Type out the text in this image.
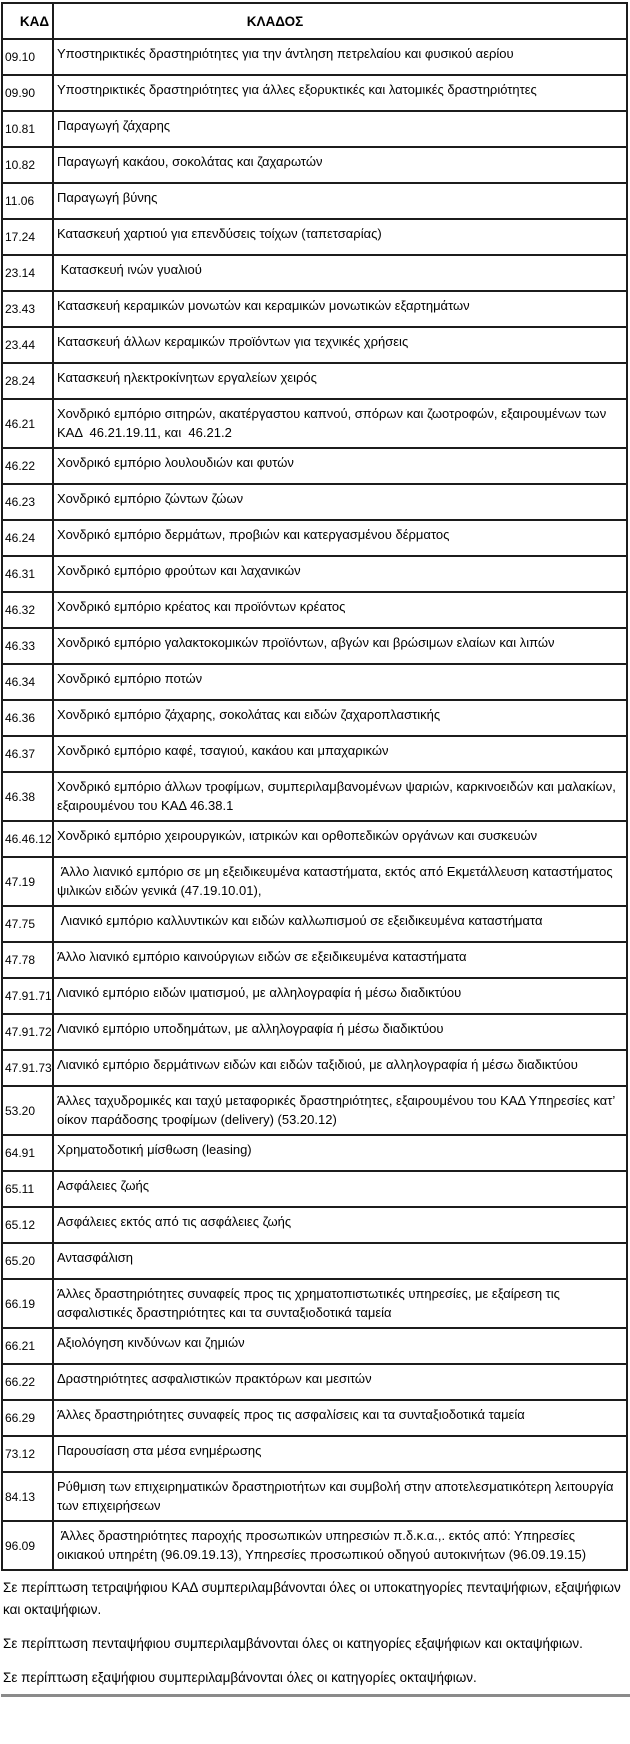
ΚΑΔ	ΚΛΑΔΟΣ
09.10	Υποστηρικτικές δραστηριότητες για την άντληση πετρελαίου και φυσικού αερίου
09.90	Υποστηρικτικές δραστηριότητες για άλλες εξορυκτικές και λατομικές δραστηριότητες
10.81	Παραγωγή ζάχαρης
10.82	Παραγωγή κακάου, σοκολάτας και ζαχαρωτών
11.06	Παραγωγή βύνης
17.24	Κατασκευή χαρτιού για επενδύσεις τοίχων (ταπετσαρίας)
23.14	Κατασκευή ινών γυαλιού
23.43	Κατασκευή κεραμικών μονωτών και κεραμικών μονωτικών εξαρτημάτων
23.44	Κατασκευή άλλων κεραμικών προϊόντων για τεχνικές χρήσεις
28.24	Κατασκευή ηλεκτροκίνητων εργαλείων χειρός
46.21	Χονδρικό εμπόριο σιτηρών, ακατέργαστου καπνού, σπόρων και ζωοτροφών, εξαιρουμένων των ΚΑΔ  46.21.19.11, και  46.21.2
46.22	Χονδρικό εμπόριο λουλουδιών και φυτών
46.23	Χονδρικό εμπόριο ζώντων ζώων
46.24	Χονδρικό εμπόριο δερμάτων, προβιών και κατεργασμένου δέρματος
46.31	Χονδρικό εμπόριο φρούτων και λαχανικών
46.32	Χονδρικό εμπόριο κρέατος και προϊόντων κρέατος
46.33	Χονδρικό εμπόριο γαλακτοκομικών προϊόντων, αβγών και βρώσιμων ελαίων και λιπών
46.34	Χονδρικό εμπόριο ποτών
46.36	Χονδρικό εμπόριο ζάχαρης, σοκολάτας και ειδών ζαχαροπλαστικής
46.37	Χονδρικό εμπόριο καφέ, τσαγιού, κακάου και μπαχαρικών
46.38	Χονδρικό εμπόριο άλλων τροφίμων, συμπεριλαμβανομένων ψαριών, καρκινοειδών και μαλακίων, εξαιρουμένου του ΚΑΔ 46.38.1
46.46.12	Χονδρικό εμπόριο χειρουργικών, ιατρικών και ορθοπεδικών οργάνων και συσκευών
47.19	Άλλο λιανικό εμπόριο σε μη εξειδικευμένα καταστήματα, εκτός από Εκμετάλλευση καταστήματος ψιλικών ειδών γενικά (47.19.10.01),
47.75	Λιανικό εμπόριο καλλυντικών και ειδών καλλωπισμού σε εξειδικευμένα καταστήματα
47.78	Άλλο λιανικό εμπόριο καινούργιων ειδών σε εξειδικευμένα καταστήματα
47.91.71	Λιανικό εμπόριο ειδών ιματισμού, με αλληλογραφία ή μέσω διαδικτύου
47.91.72	Λιανικό εμπόριο υποδημάτων, με αλληλογραφία ή μέσω διαδικτύου
47.91.73	Λιανικό εμπόριο δερμάτινων ειδών και ειδών ταξιδιού, με αλληλογραφία ή μέσω διαδικτύου
53.20	Άλλες ταχυδρομικές και ταχύ μεταφορικές δραστηριότητες, εξαιρουμένου του ΚΑΔ Υπηρεσίες κατ’ οίκον παράδοσης τροφίμων (delivery) (53.20.12)
64.91	Χρηματοδοτική μίσθωση (leasing)
65.11	Ασφάλειες ζωής
65.12	Ασφάλειες εκτός από τις ασφάλειες ζωής
65.20	Αντασφάλιση
66.19	Άλλες δραστηριότητες συναφείς προς τις χρηματοπιστωτικές υπηρεσίες, με εξαίρεση τις ασφαλιστικές δραστηριότητες και τα συνταξιοδοτικά ταμεία
66.21	Αξιολόγηση κινδύνων και ζημιών
66.22	Δραστηριότητες ασφαλιστικών πρακτόρων και μεσιτών
66.29	Άλλες δραστηριότητες συναφείς προς τις ασφαλίσεις και τα συνταξιοδοτικά ταμεία
73.12	Παρουσίαση στα μέσα ενημέρωσης
84.13	Ρύθμιση των επιχειρηματικών δραστηριοτήτων και συμβολή στην αποτελεσματικότερη λειτουργία των επιχειρήσεων
96.09	Άλλες δραστηριότητες παροχής προσωπικών υπηρεσιών π.δ.κ.α.,. εκτός από: Υπηρεσίες οικιακού υπηρέτη (96.09.19.13), Υπηρεσίες προσωπικού οδηγού αυτοκινήτων (96.09.19.15)

Σε περίπτωση τετραψήφιου ΚΑΔ συμπεριλαμβάνονται όλες οι υποκατηγορίες πενταψήφιων, εξαψήφιων και οκταψήφιων.

Σε περίπτωση πενταψήφιου συμπεριλαμβάνονται όλες οι κατηγορίες εξαψήφιων και οκταψήφιων.

Σε περίπτωση εξαψήφιου συμπεριλαμβάνονται όλες οι κατηγορίες οκταψήφιων.
